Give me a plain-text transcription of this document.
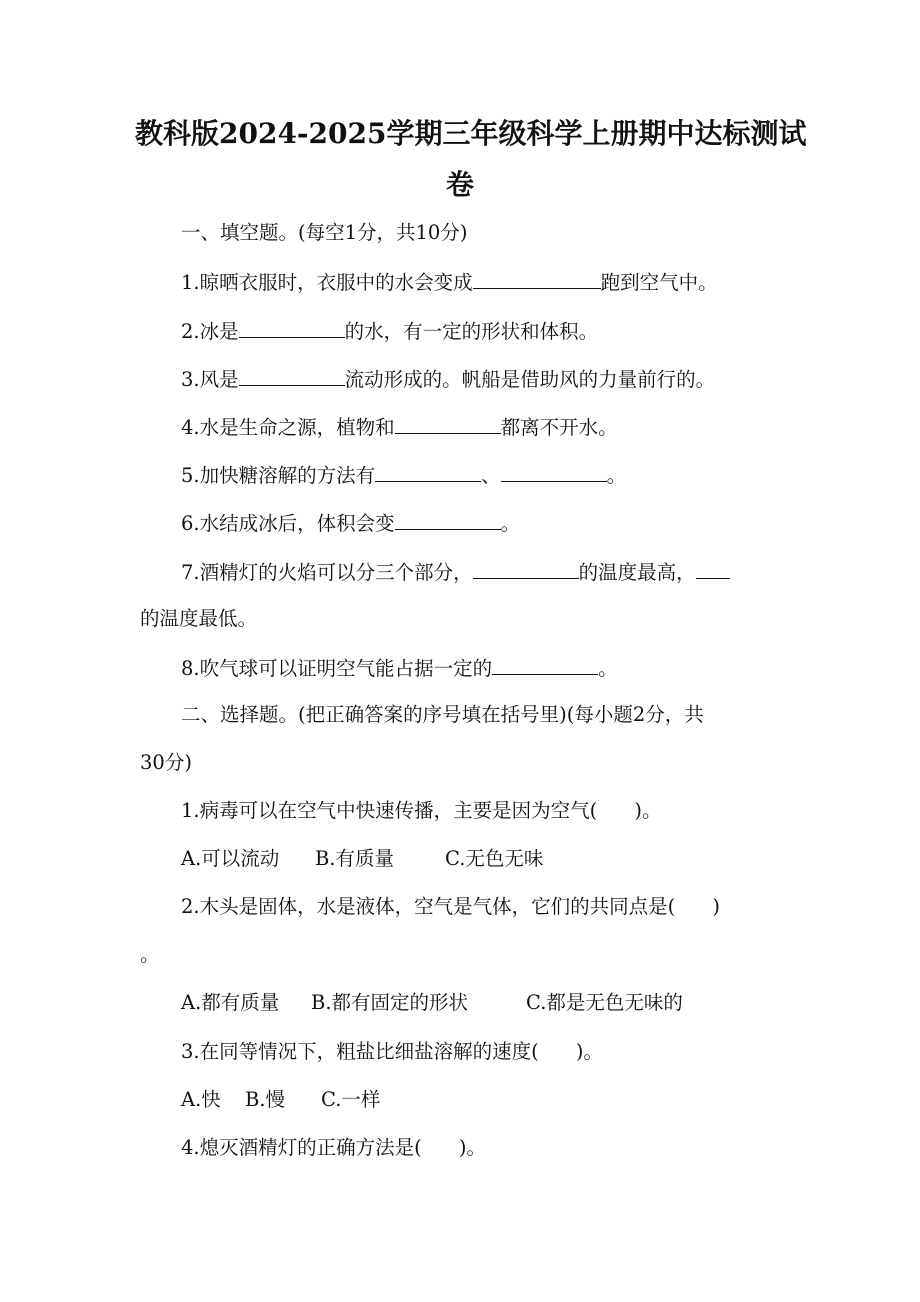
教科版2024-2025学期三年级科学上册期中达标测试
卷
一、填空题。(每空1分，共10分)
1.晾晒衣服时，衣服中的水会变成	跑到空气中。
2.冰是	的水，有一定的形状和体积。
3.风是	流动形成的。帆船是借助风的力量前行的。
4.水是生命之源，植物和	都离不开水。
5.加快糖溶解的方法有	、	。
6.水结成冰后，体积会变	。
7.酒精灯的火焰可以分三个部分，	的温度最高，
的温度最低。
8.吹气球可以证明空气能占据一定的	。
二、选择题。(把正确答案的序号填在括号里)(每小题2分，共
30分)
1.病毒可以在空气中快速传播，主要是因为空气(      )。
A.可以流动 B.有质量	C.无色无味
2.木头是固体，水是液体，空气是气体，它们的共同点是(      )
。
A.都有质量 B.都有固定的形状	C.都是无色无味的
3.在同等情况下，粗盐比细盐溶解的速度(      )。
A.快 B.慢 C.一样
4.熄灭酒精灯的正确方法是(      )。
